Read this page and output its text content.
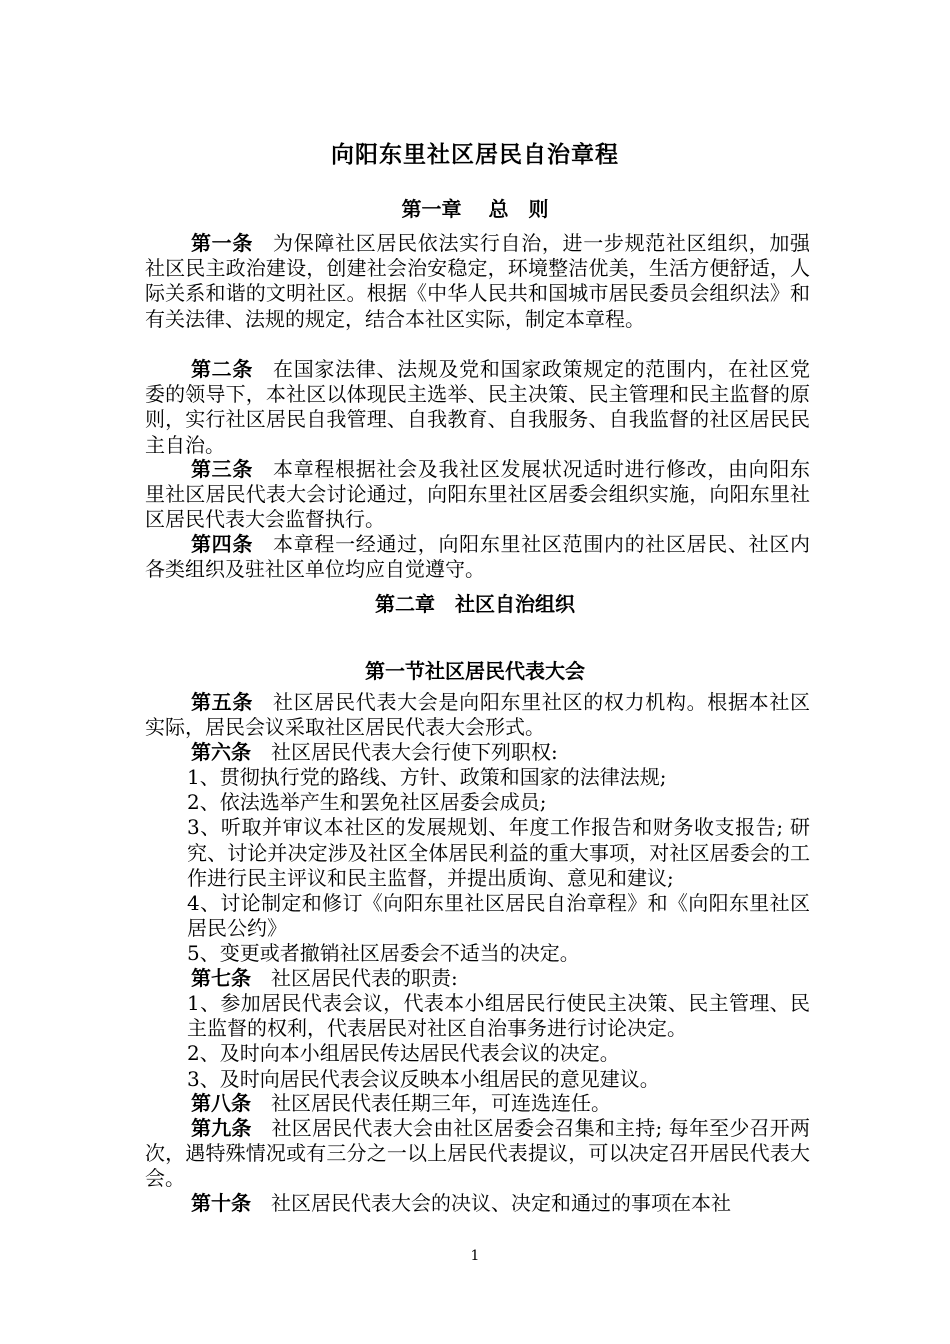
向阳东里社区居民自治章程
第一章　 总　则
第一条 为保障社区居民依法实行自治，进一步规范社区组织，加强社区民主政治建设，创建社会治安稳定，环境整洁优美，生活方便舒适，人际关系和谐的文明社区。根据《中华人民共和国城市居民委员会组织法》和有关法律、法规的规定，结合本社区实际，制定本章程。
第二条 在国家法律、法规及党和国家政策规定的范围内，在社区党委的领导下，本社区以体现民主选举、民主决策、民主管理和民主监督的原则，实行社区居民自我管理、自我教育、自我服务、自我监督的社区居民民主自治。
第三条 本章程根据社会及我社区发展状况适时进行修改，由向阳东里社区居民代表大会讨论通过，向阳东里社区居委会组织实施，向阳东里社区居民代表大会监督执行。
第四条 本章程一经通过，向阳东里社区范围内的社区居民、社区内各类组织及驻社区单位均应自觉遵守。
第二章　社区自治组织
第一节社区居民代表大会
第五条 社区居民代表大会是向阳东里社区的权力机构。根据本社区实际，居民会议采取社区居民代表大会形式。
第六条 社区居民代表大会行使下列职权:
1、贯彻执行党的路线、方针、政策和国家的法律法规;
2、依法选举产生和罢免社区居委会成员;
3、听取并审议本社区的发展规划、年度工作报告和财务收支报告; 研究、讨论并决定涉及社区全体居民利益的重大事项，对社区居委会的工作进行民主评议和民主监督，并提出质询、意见和建议;
4、讨论制定和修订《向阳东里社区居民自治章程》和《向阳东里社区居民公约》
5、变更或者撤销社区居委会不适当的决定。
第七条 社区居民代表的职责:
1、参加居民代表会议，代表本小组居民行使民主决策、民主管理、民主监督的权利，代表居民对社区自治事务进行讨论决定。
2、及时向本小组居民传达居民代表会议的决定。
3、及时向居民代表会议反映本小组居民的意见建议。
第八条 社区居民代表任期三年，可连选连任。
第九条 社区居民代表大会由社区居委会召集和主持; 每年至少召开两次，遇特殊情况或有三分之一以上居民代表提议，可以决定召开居民代表大会。
第十条 社区居民代表大会的决议、决定和通过的事项在本社
1
